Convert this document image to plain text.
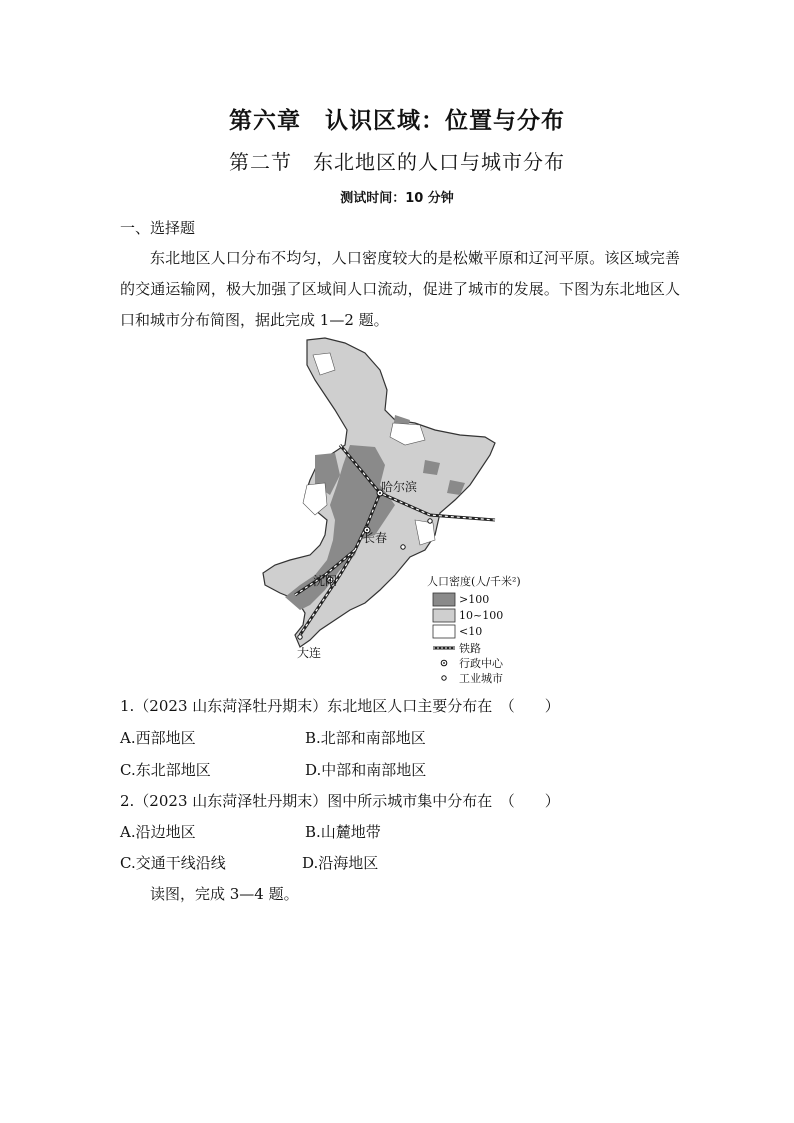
第六章　认识区域：位置与分布
第二节　东北地区的人口与城市分布
测试时间：10 分钟
一、选择题
东北地区人口分布不均匀，人口密度较大的是松嫩平原和辽河平原。该区域完善的交通运输网，极大加强了区域间人口流动，促进了城市的发展。下图为东北地区人口和城市分布简图，据此完成 1—2 题。
哈尔滨
长春
沈阳
大连
人口密度(人/千米²)
>100
10~100
<10
铁路
行政中心
工业城市
1.（2023 山东菏泽牡丹期末）东北地区人口主要分布在　（　　）
A.西部地区	B.北部和南部地区
C.东北部地区	D.中部和南部地区
2.（2023 山东菏泽牡丹期末）图中所示城市集中分布在　（　　）
A.沿边地区	B.山麓地带
C.交通干线沿线	D.沿海地区
读图，完成 3—4 题。
